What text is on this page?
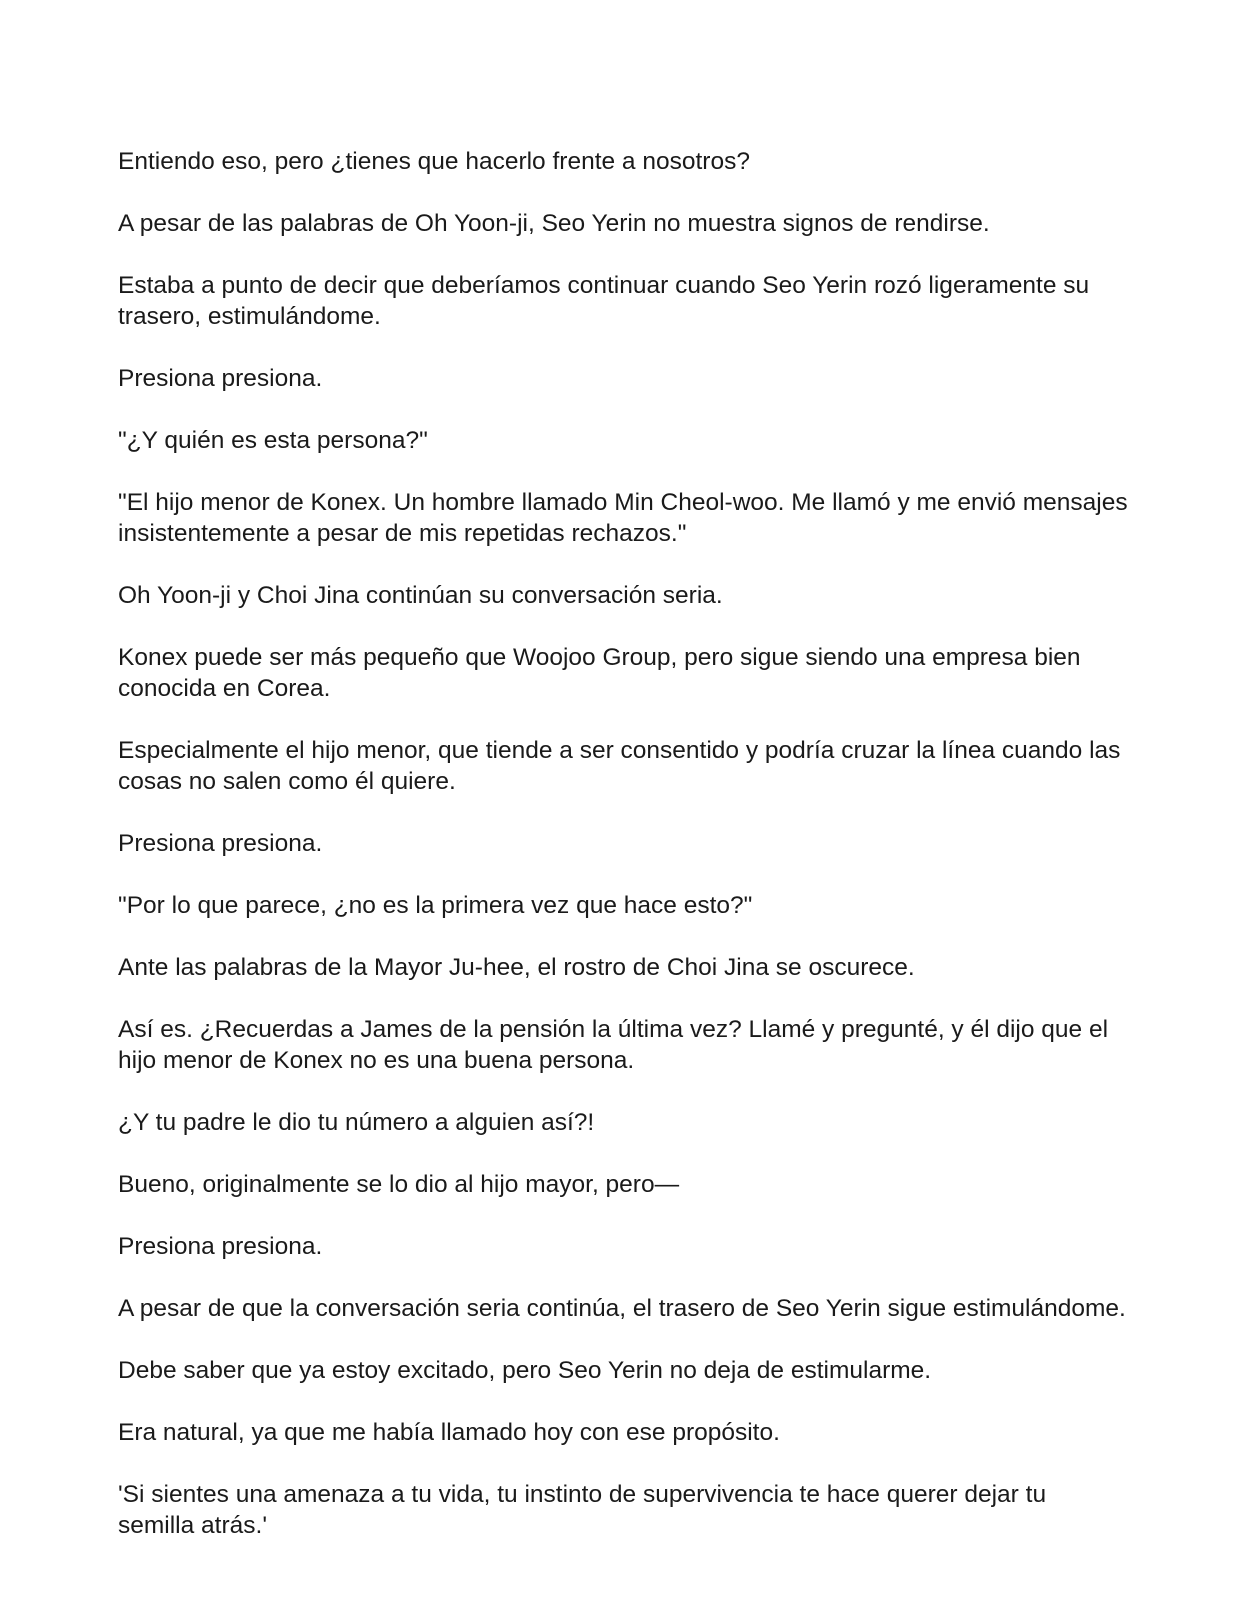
Entiendo eso, pero ¿tienes que hacerlo frente a nosotros?

A pesar de las palabras de Oh Yoon-ji, Seo Yerin no muestra signos de rendirse.

Estaba a punto de decir que deberíamos continuar cuando Seo Yerin rozó ligeramente su trasero, estimulándome.

Presiona presiona.

"¿Y quién es esta persona?"

"El hijo menor de Konex. Un hombre llamado Min Cheol-woo. Me llamó y me envió mensajes insistentemente a pesar de mis repetidas rechazos."

Oh Yoon-ji y Choi Jina continúan su conversación seria.

Konex puede ser más pequeño que Woojoo Group, pero sigue siendo una empresa bien conocida en Corea.

Especialmente el hijo menor, que tiende a ser consentido y podría cruzar la línea cuando las cosas no salen como él quiere.

Presiona presiona.

"Por lo que parece, ¿no es la primera vez que hace esto?"

Ante las palabras de la Mayor Ju-hee, el rostro de Choi Jina se oscurece.

Así es. ¿Recuerdas a James de la pensión la última vez? Llamé y pregunté, y él dijo que el hijo menor de Konex no es una buena persona.

¿Y tu padre le dio tu número a alguien así?!

Bueno, originalmente se lo dio al hijo mayor, pero—

Presiona presiona.

A pesar de que la conversación seria continúa, el trasero de Seo Yerin sigue estimulándome.

Debe saber que ya estoy excitado, pero Seo Yerin no deja de estimularme.

Era natural, ya que me había llamado hoy con ese propósito.

'Si sientes una amenaza a tu vida, tu instinto de supervivencia te hace querer dejar tu semilla atrás.'
